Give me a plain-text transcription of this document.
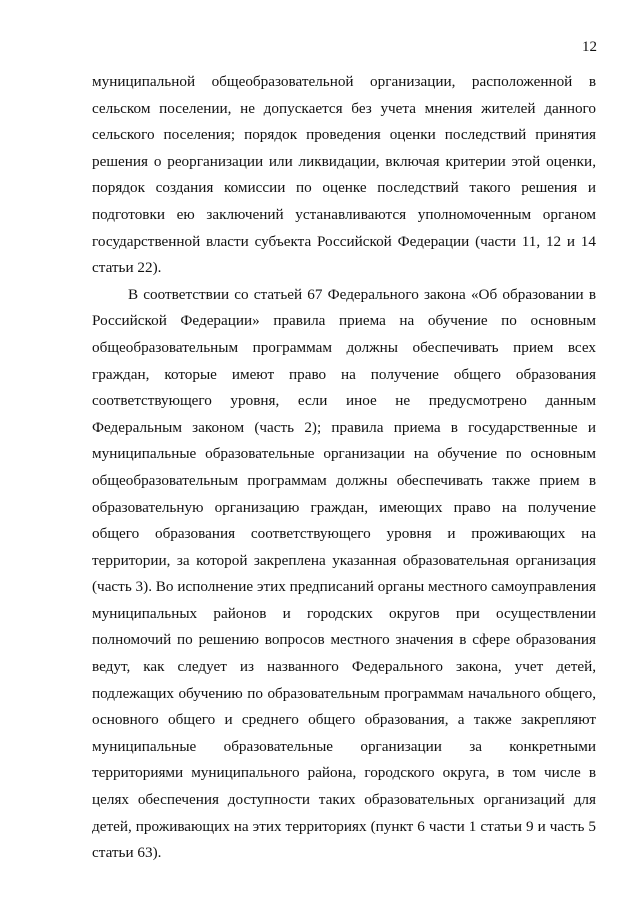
12

муниципальной общеобразовательной организации, расположенной в сельском поселении, не допускается без учета мнения жителей данного сельского поселения; порядок проведения оценки последствий принятия решения о реорганизации или ликвидации, включая критерии этой оценки, порядок создания комиссии по оценке последствий такого решения и подготовки ею заключений устанавливаются уполномоченным органом государственной власти субъекта Российской Федерации (части 11, 12 и 14 статьи 22).

В соответствии со статьей 67 Федерального закона «Об образовании в Российской Федерации» правила приема на обучение по основным общеобразовательным программам должны обеспечивать прием всех граждан, которые имеют право на получение общего образования соответствующего уровня, если иное не предусмотрено данным Федеральным законом (часть 2); правила приема в государственные и муниципальные образовательные организации на обучение по основным общеобразовательным программам должны обеспечивать также прием в образовательную организацию граждан, имеющих право на получение общего образования соответствующего уровня и проживающих на территории, за которой закреплена указанная образовательная организация (часть 3). Во исполнение этих предписаний органы местного самоуправления муниципальных районов и городских округов при осуществлении полномочий по решению вопросов местного значения в сфере образования ведут, как следует из названного Федерального закона, учет детей, подлежащих обучению по образовательным программам начального общего, основного общего и среднего общего образования, а также закрепляют муниципальные образовательные организации за конкретными территориями муниципального района, городского округа, в том числе в целях обеспечения доступности таких образовательных организаций для детей, проживающих на этих территориях (пункт 6 части 1 статьи 9 и часть 5 статьи 63).
